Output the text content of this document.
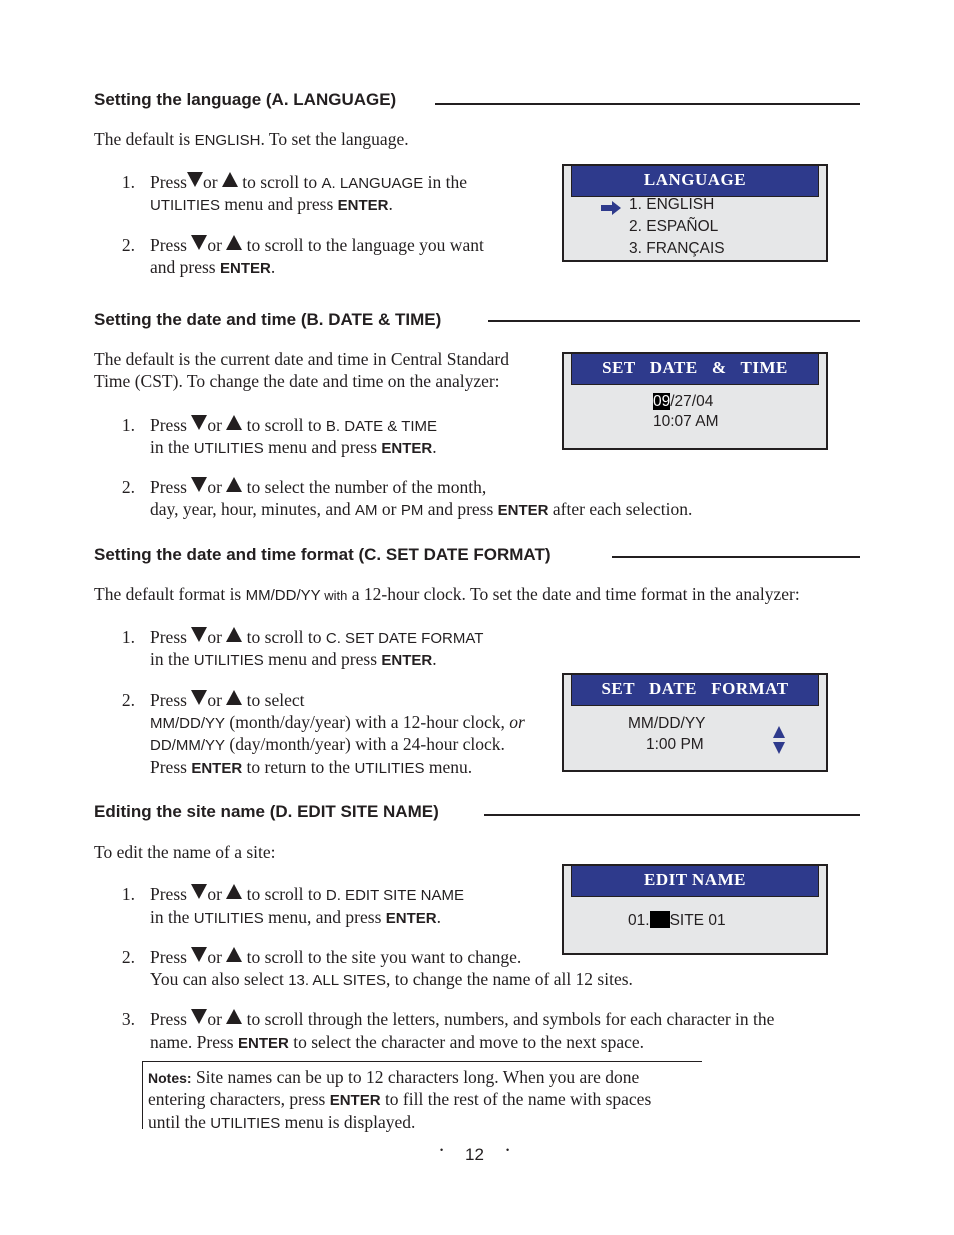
Setting the language (A. LANGUAGE)
The default is ENGLISH. To set the language.
1. Press or  to scroll to A. LANGUAGE in the
UTILITIES menu and press ENTER.
2. Press or  to scroll to the language you want
and press ENTER.
LANGUAGE
1. ENGLISH
2. ESPAÑOL
3. FRANÇAIS
Setting the date and time (B. DATE & TIME)
The default is the current date and time in Central Standard
Time (CST). To change the date and time on the analyzer:
1. Press or  to scroll to B. DATE & TIME
in the UTILITIES menu and press ENTER.
2. Press or  to select the number of the month,
day, year, hour, minutes, and AM or PM and press ENTER after each selection.
SET   DATE   &   TIME
09/27/04
10:07 AM
Setting the date and time format (C. SET DATE FORMAT)
The default format is MM/DD/YY with a 12-hour clock. To set the date and time format in the analyzer:
1. Press or  to scroll to C. SET DATE FORMAT
in the UTILITIES menu and press ENTER.
2. Press or  to select
MM/DD/YY (month/day/year) with a 12-hour clock, or
DD/MM/YY (day/month/year) with a 24-hour clock.
Press ENTER to return to the UTILITIES menu.
SET   DATE   FORMAT
MM/DD/YY
1:00 PM
Editing the site name (D. EDIT SITE NAME)
To edit the name of a site:
1. Press or  to scroll to D. EDIT SITE NAME
in the UTILITIES menu, and press ENTER.
2. Press or  to scroll to the site you want to change.
You can also select 13. ALL SITES, to change the name of all 12 sites.
3. Press or  to scroll through the letters, numbers, and symbols for each character in the
name. Press ENTER to select the character and move to the next space.
Notes: Site names can be up to 12 characters long. When you are done
entering characters, press ENTER to fill the rest of the name with spaces
until the UTILITIES menu is displayed.
EDIT NAME
01. SITE 01
• 12 •
